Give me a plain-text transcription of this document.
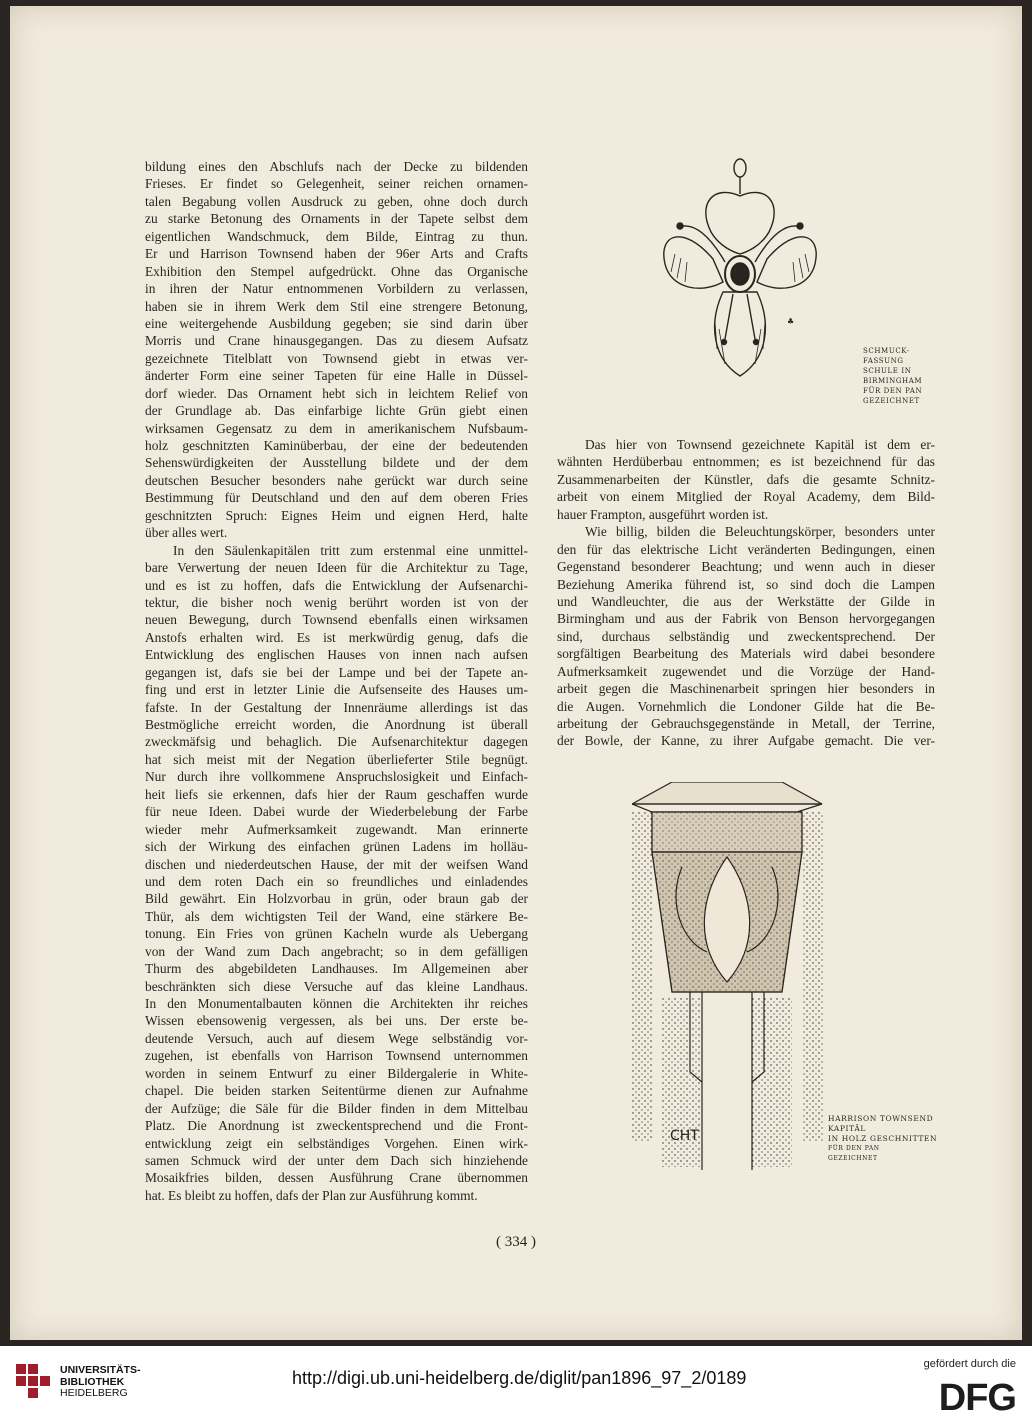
♣
SCHMUCK-
FASSUNG
SCHULE IN
BIRMINGHAM
FÜR DEN PAN
GEZEICHNET
CHT
HARRISON TOWNSEND
KAPITÄL
IN HOLZ GESCHNITTEN
FÜR DEN PAN
GEZEICHNET
bildung eines den Abschlufs nach der Decke zu bildenden
Frieses. Er findet so Gelegenheit, seiner reichen ornamen-
talen Begabung vollen Ausdruck zu geben, ohne doch durch
zu starke Betonung des Ornaments in der Tapete selbst dem
eigentlichen Wandschmuck, dem Bilde, Eintrag zu thun.
Er und Harrison Townsend haben der 96er Arts and Crafts
Exhibition den Stempel aufgedrückt. Ohne das Organische
in ihren der Natur entnommenen Vorbildern zu verlassen,
haben sie in ihrem Werk dem Stil eine strengere Betonung,
eine weitergehende Ausbildung gegeben; sie sind darin über
Morris und Crane hinausgegangen. Das zu diesem Aufsatz
gezeichnete Titelblatt von Townsend giebt in etwas ver-
änderter Form eine seiner Tapeten für eine Halle in Düssel-
dorf wieder. Das Ornament hebt sich in leichtem Relief von
der Grundlage ab. Das einfarbige lichte Grün giebt einen
wirksamen Gegensatz zu dem in amerikanischem Nufsbaum-
holz geschnitzten Kaminüberbau, der eine der bedeutenden
Sehenswürdigkeiten der Ausstellung bildete und der dem
deutschen Besucher besonders nahe gerückt war durch seine
Bestimmung für Deutschland und den auf dem oberen Fries
geschnitzten Spruch: Eignes Heim und eignen Herd, halte
über alles wert.
In den Säulenkapitälen tritt zum erstenmal eine unmittel-
bare Verwertung der neuen Ideen für die Architektur zu Tage,
und es ist zu hoffen, dafs die Entwicklung der Aufsenarchi-
tektur, die bisher noch wenig berührt worden ist von der
neuen Bewegung, durch Townsend ebenfalls einen wirksamen
Anstofs erhalten wird. Es ist merkwürdig genug, dafs die
Entwicklung des englischen Hauses von innen nach aufsen
gegangen ist, dafs sie bei der Lampe und bei der Tapete an-
fing und erst in letzter Linie die Aufsenseite des Hauses um-
fafste. In der Gestaltung der Innenräume allerdings ist das
Bestmögliche erreicht worden, die Anordnung ist überall
zweckmäfsig und behaglich. Die Aufsenarchitektur dagegen
hat sich meist mit der Negation überlieferter Stile begnügt.
Nur durch ihre vollkommene Anspruchslosigkeit und Einfach-
heit liefs sie erkennen, dafs hier der Raum geschaffen wurde
für neue Ideen. Dabei wurde der Wiederbelebung der Farbe
wieder mehr Aufmerksamkeit zugewandt. Man erinnerte
sich der Wirkung des einfachen grünen Ladens im holläu-
dischen und niederdeutschen Hause, der mit der weifsen Wand
und dem roten Dach ein so freundliches und einladendes
Bild gewährt. Ein Holzvorbau in grün, oder braun gab der
Thür, als dem wichtigsten Teil der Wand, eine stärkere Be-
tonung. Ein Fries von grünen Kacheln wurde als Uebergang
von der Wand zum Dach angebracht; so in dem gefälligen
Thurm des abgebildeten Landhauses. Im Allgemeinen aber
beschränkten sich diese Versuche auf das kleine Landhaus.
In den Monumentalbauten können die Architekten ihr reiches
Wissen ebensowenig vergessen, als bei uns. Der erste be-
deutende Versuch, auch auf diesem Wege selbständig vor-
zugehen, ist ebenfalls von Harrison Townsend unternommen
worden in seinem Entwurf zu einer Bildergalerie in White-
chapel. Die beiden starken Seitentürme dienen zur Aufnahme
der Aufzüge; die Säle für die Bilder finden in dem Mittelbau
Platz. Die Anordnung ist zweckentsprechend und die Front-
entwicklung zeigt ein selbständiges Vorgehen. Einen wirk-
samen Schmuck wird der unter dem Dach sich hinziehende
Mosaikfries bilden, dessen Ausführung Crane übernommen
hat. Es bleibt zu hoffen, dafs der Plan zur Ausführung kommt.
Das hier von Townsend gezeichnete Kapitäl ist dem er-
wähnten Herdüberbau entnommen; es ist bezeichnend für das
Zusammenarbeiten der Künstler, dafs die gesamte Schnitz-
arbeit von einem Mitglied der Royal Academy, dem Bild-
hauer Frampton, ausgeführt worden ist.
Wie billig, bilden die Beleuchtungskörper, besonders unter
den für das elektrische Licht veränderten Bedingungen, einen
Gegenstand besonderer Beachtung; und wenn auch in dieser
Beziehung Amerika führend ist, so sind doch die Lampen
und Wandleuchter, die aus der Werkstätte der Gilde in
Birmingham und aus der Fabrik von Benson hervorgegangen
sind, durchaus selbständig und zweckentsprechend. Der
sorgfältigen Bearbeitung des Materials wird dabei besondere
Aufmerksamkeit zugewendet und die Vorzüge der Hand-
arbeit gegen die Maschinenarbeit springen hier besonders in
die Augen. Vornehmlich die Londoner Gilde hat die Be-
arbeitung der Gebrauchsgegenstände in Metall, der Terrine,
der Bowle, der Kanne, zu ihrer Aufgabe gemacht. Die ver-
( 334 )
UNIVERSITÄTS-
BIBLIOTHEK
HEIDELBERG
http://digi.ub.uni-heidelberg.de/diglit/pan1896_97_2/0189
gefördert durch die
DFG
